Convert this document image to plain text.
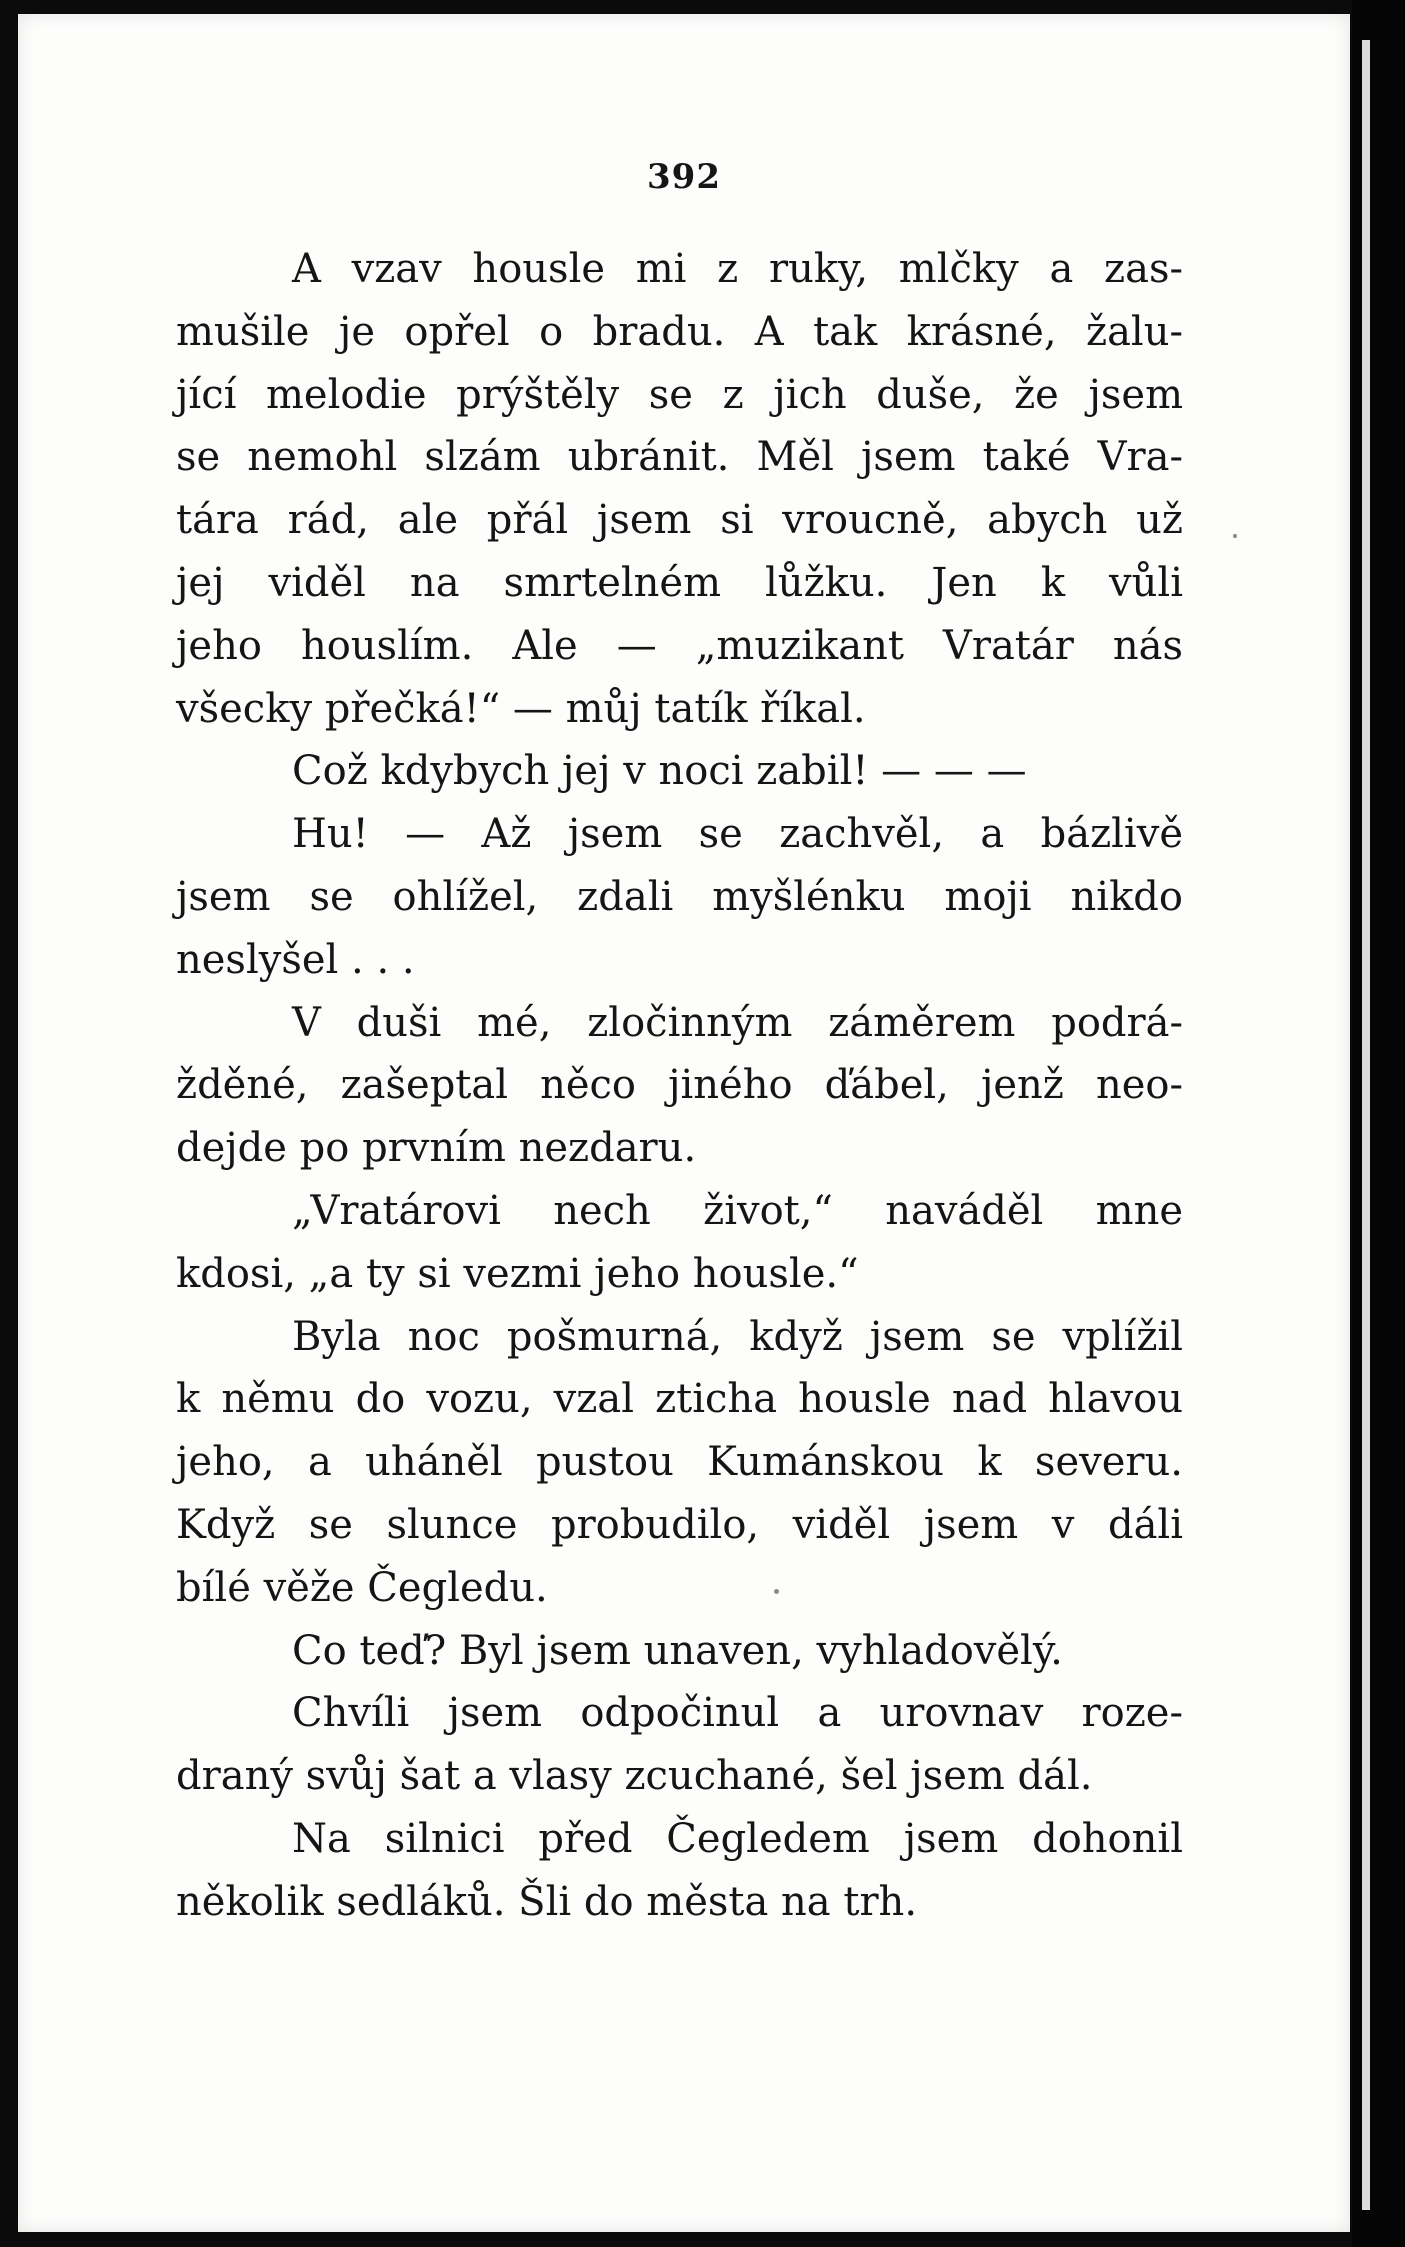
392
A vzav housle mi z ruky, mlčky a zas-
mušile je opřel o bradu. A tak krásné, žalu-
jící melodie prýštěly se z jich duše, že jsem
se nemohl slzám ubránit. Měl jsem také Vra-
tára rád, ale přál jsem si vroucně, abych už
jej viděl na smrtelném lůžku. Jen k vůli
jeho houslím. Ale — „muzikant Vratár nás
všecky přečká!“ — můj tatík říkal.
Což kdybych jej v noci zabil! — — —
Hu! — Až jsem se zachvěl, a bázlivě
jsem se ohlížel, zdali myšlénku moji nikdo
neslyšel . . .
V duši mé, zločinným záměrem podrá-
žděné, zašeptal něco jiného ďábel, jenž neo-
dejde po prvním nezdaru.
„Vratárovi nech život,“ naváděl mne
kdosi, „a ty si vezmi jeho housle.“
Byla noc pošmurná, když jsem se vplížil
k němu do vozu, vzal zticha housle nad hlavou
jeho, a uháněl pustou Kumánskou k severu.
Když se slunce probudilo, viděl jsem v dáli
bílé věže Čegledu.
Co teď? Byl jsem unaven, vyhladovělý.
Chvíli jsem odpočinul a urovnav roze-
draný svůj šat a vlasy zcuchané, šel jsem dál.
Na silnici před Čegledem jsem dohonil
několik sedláků. Šli do města na trh.
